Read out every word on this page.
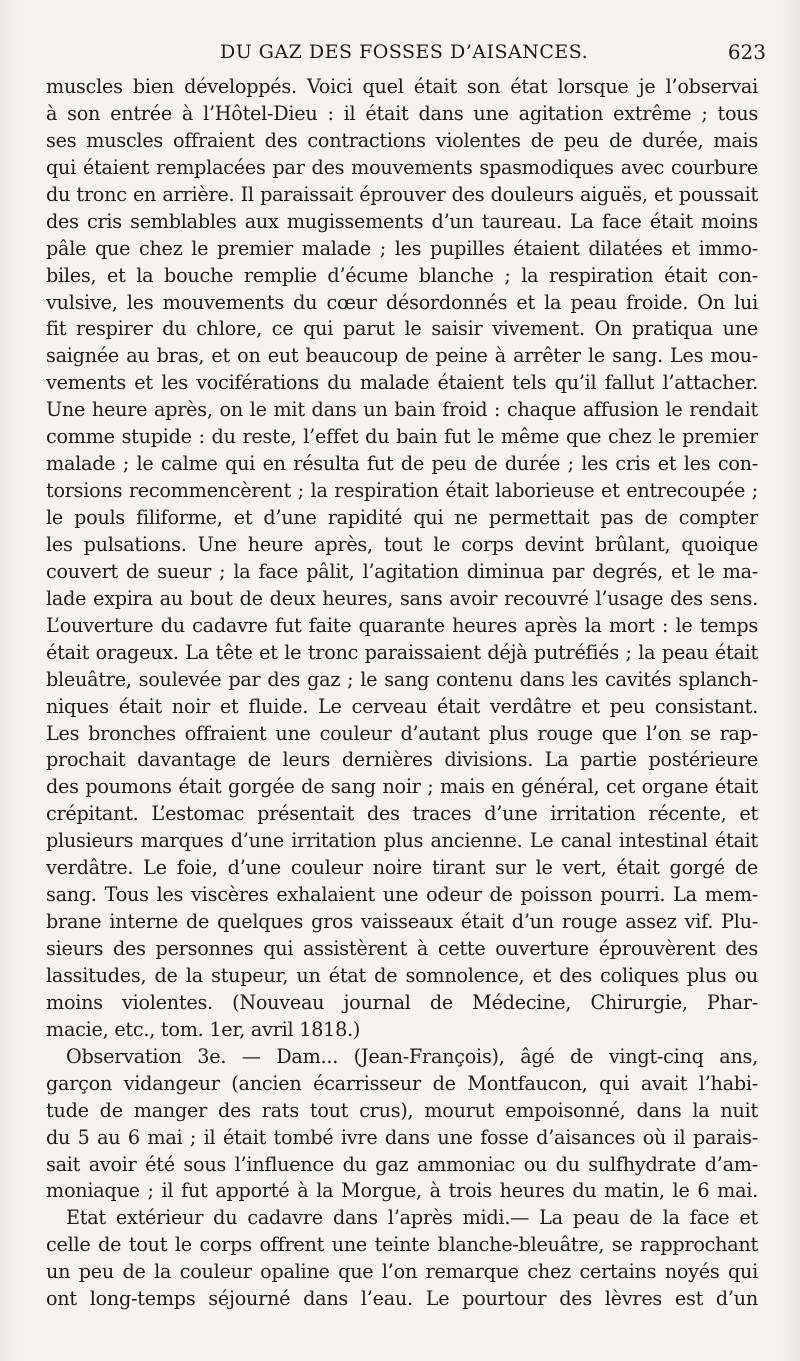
DU GAZ DES FOSSES D’AISANCES.	623
muscles bien développés. Voici quel était son état lorsque je l’observai
à son entrée à l’Hôtel-Dieu : il était dans une agitation extrême ; tous
ses muscles offraient des contractions violentes de peu de durée, mais
qui étaient remplacées par des mouvements spasmodiques avec courbure
du tronc en arrière. Il paraissait éprouver des douleurs aiguës, et poussait
des cris semblables aux mugissements d’un taureau. La face était moins
pâle que chez le premier malade ; les pupilles étaient dilatées et immo-
biles, et la bouche remplie d’écume blanche ; la respiration était con-
vulsive, les mouvements du cœur désordonnés et la peau froide. On lui
fit respirer du chlore, ce qui parut le saisir vivement. On pratiqua une
saignée au bras, et on eut beaucoup de peine à arrêter le sang. Les mou-
vements et les vociférations du malade étaient tels qu’il fallut l’attacher.
Une heure après, on le mit dans un bain froid : chaque affusion le rendait
comme stupide : du reste, l’effet du bain fut le même que chez le premier
malade ; le calme qui en résulta fut de peu de durée ; les cris et les con-
torsions recommencèrent ; la respiration était laborieuse et entrecoupée ;
le pouls filiforme, et d’une rapidité qui ne permettait pas de compter
les pulsations. Une heure après, tout le corps devint brûlant, quoique
couvert de sueur ; la face pâlit, l’agitation diminua par degrés, et le ma-
lade expira au bout de deux heures, sans avoir recouvré l’usage des sens.
L’ouverture du cadavre fut faite quarante heures après la mort : le temps
était orageux. La tête et le tronc paraissaient déjà putréfiés ; la peau était
bleuâtre, soulevée par des gaz ; le sang contenu dans les cavités splanch-
niques était noir et fluide. Le cerveau était verdâtre et peu consistant.
Les bronches offraient une couleur d’autant plus rouge que l’on se rap-
prochait davantage de leurs dernières divisions. La partie postérieure
des poumons était gorgée de sang noir ; mais en général, cet organe était
crépitant. L’estomac présentait des traces d’une irritation récente, et
plusieurs marques d’une irritation plus ancienne. Le canal intestinal était
verdâtre. Le foie, d’une couleur noire tirant sur le vert, était gorgé de
sang. Tous les viscères exhalaient une odeur de poisson pourri. La mem-
brane interne de quelques gros vaisseaux était d’un rouge assez vif. Plu-
sieurs des personnes qui assistèrent à cette ouverture éprouvèrent des
lassitudes, de la stupeur, un état de somnolence, et des coliques plus ou
moins violentes. (Nouveau journal de Médecine, Chirurgie, Phar-
macie, etc., tom. 1er, avril 1818.)
Observation 3e. — Dam... (Jean-François), âgé de vingt-cinq ans,
garçon vidangeur (ancien écarrisseur de Montfaucon, qui avait l’habi-
tude de manger des rats tout crus), mourut empoisonné, dans la nuit
du 5 au 6 mai ; il était tombé ivre dans une fosse d’aisances où il parais-
sait avoir été sous l’influence du gaz ammoniac ou du sulfhydrate d’am-
moniaque ; il fut apporté à la Morgue, à trois heures du matin, le 6 mai.
Etat extérieur du cadavre dans l’après midi.— La peau de la face et
celle de tout le corps offrent une teinte blanche-bleuâtre, se rapprochant
un peu de la couleur opaline que l’on remarque chez certains noyés qui
ont long-temps séjourné dans l’eau. Le pourtour des lèvres est d’un
